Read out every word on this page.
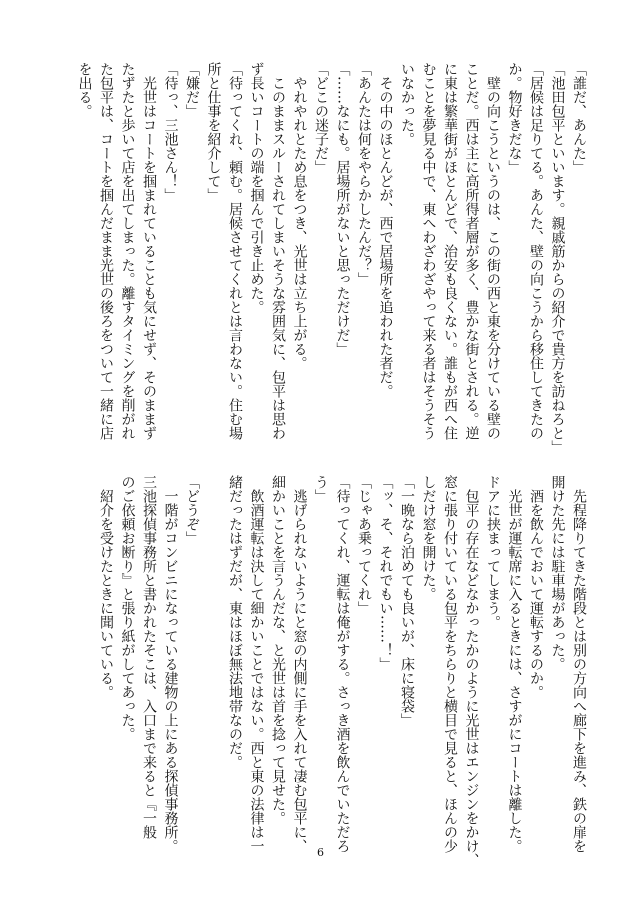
「誰だ、あんた」
「池田包平といいます。親戚筋からの紹介で貴方を訪ねろと」
「居候は足りてる。あんた、壁の向こうから移住してきたの
か。物好きだな」
　壁の向こうというのは、この街の西と東を分けている壁の
ことだ。西は主に高所得者層が多く、豊かな街とされる。逆
に東は繁華街がほとんどで、治安も良くない。誰もが西へ住
むことを夢見る中で、東へわざわざやって来る者はそうそう
いなかった。
　その中のほとんどが、西で居場所を追われた者だ。
「あんたは何をやらかしたんだ？」
「……なにも。居場所がないと思っただけだ」
「どこの迷子だ」
　やれやれとため息をつき、光世は立ち上がる。
　このままスルーされてしまいそうな雰囲気に、包平は思わ
ず長いコートの端を掴んで引き止めた。
「待ってくれ、頼む。居候させてくれとは言わない。住む場
所と仕事を紹介して」
「嫌だ」
「待っ、三池さん！」
　光世はコートを掴まれていることも気にせず、そのままず
たずたと歩いて店を出てしまった。離すタイミングを削がれ
た包平は、コートを掴んだまま光世の後ろをついて一緒に店
を出る。
　先程降りてきた階段とは別の方向へ廊下を進み、鉄の扉を
開けた先には駐車場があった。
　酒を飲んでおいて運転するのか。
　光世が運転席に入るときには、さすがにコートは離した。
ドアに挟まってしまう。
　包平の存在などなかったかのように光世はエンジンをかけ、
窓に張り付いている包平をちらりと横目で見ると、ほんの少
しだけ窓を開けた。
「一晩なら泊めても良いが、床に寝袋」
「ッ、そ、それでもい……！」
「じゃあ乗ってくれ」
「待ってくれ、運転は俺がする。さっき酒を飲んでいただろ
う」
　逃げられないようにと窓の内側に手を入れて凄む包平に、
細かいことを言うんだな、と光世は首を捻って見せた。
　飲酒運転は決して細かいことではない。西と東の法律は一
緒だったはずだが、東はほぼ無法地帯なのだ。
「どうぞ」
　一階がコンビニになっている建物の上にある探偵事務所。
三池探偵事務所と書かれたそこは、入口まで来ると『一般
のご依頼お断り』と張り紙がしてあった。
　紹介を受けたときに聞いている。
6
